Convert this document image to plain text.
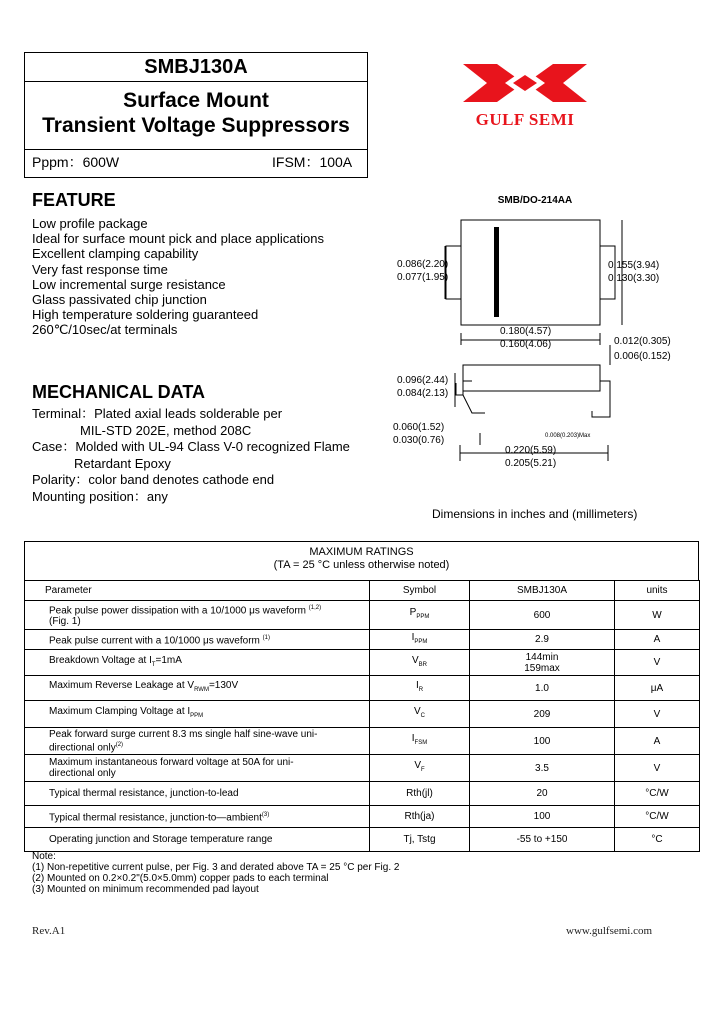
SMBJ130A
Surface Mount
Transient Voltage Suppressors
Pppm：600W	IFSM：100A
GULF SEMI
FEATURE
Low profile package
Ideal for surface mount pick and place applications
Excellent clamping capability
Very fast response time
Low incremental surge resistance
Glass passivated chip junction
High temperature soldering guaranteed
260℃/10sec/at terminals
MECHANICAL DATA
Terminal：Plated axial leads solderable per
MIL-STD 202E, method 208C
Case：Molded with UL-94 Class V-0 recognized Flame
Retardant Epoxy
Polarity：color band denotes cathode end
Mounting position：any
SMB/DO-214AA
0.086(2.20)
0.077(1.95)
0.155(3.94)
0.130(3.30)
0.180(4.57)
0.160(4.06)	0.012(0.305)
0.006(0.152)
0.096(2.44)
0.084(2.13)
0.060(1.52)
0.030(0.76)	0.008(0.203)Max
0.220(5.59)
0.205(5.21)
Dimensions in inches and (millimeters)
MAXIMUM RATINGS
(TA = 25 °C unless otherwise noted)
Parameter	Symbol	SMBJ130A	units
Peak pulse power dissipation with a 10/1000 μs waveform $^{(1,2)}$
(Fig. 1)	$P_{PPM}$	600	W
Peak pulse current with a 10/1000 μs waveform $^{(1)}$	$I_{PPM}$	2.9	A
Breakdown Voltage at $I_T=1mA$	$V_{BR}$	144min
159max	V
Maximum Reverse Leakage at $V_{RWM}=130V$	$I_R$	1.0	μA
Maximum Clamping Voltage at $I_{PPM}$	$V_C$	209	V
Peak forward surge current 8.3 ms single half sine-wave uni-
directional only$^{(2)}$	$I_{FSM}$	100	A
Maximum instantaneous forward voltage at 50A for uni-
directional only	$V_F$	3.5	V
Typical thermal resistance, junction-to-lead	Rth(jl)	20	°C/W
Typical thermal resistance, junction-to—ambient$^{(3)}$	Rth(ja)	100	°C/W
Operating junction and Storage temperature range	Tj, Tstg	-55 to +150	°C
Note:
(1) Non-repetitive current pulse, per Fig. 3 and derated above TA = 25 °C per Fig. 2
(2) Mounted on 0.2×0.2"(5.0×5.0mm) copper pads to each terminal
(3) Mounted on minimum recommended pad layout
Rev.A1	www.gulfsemi.com
